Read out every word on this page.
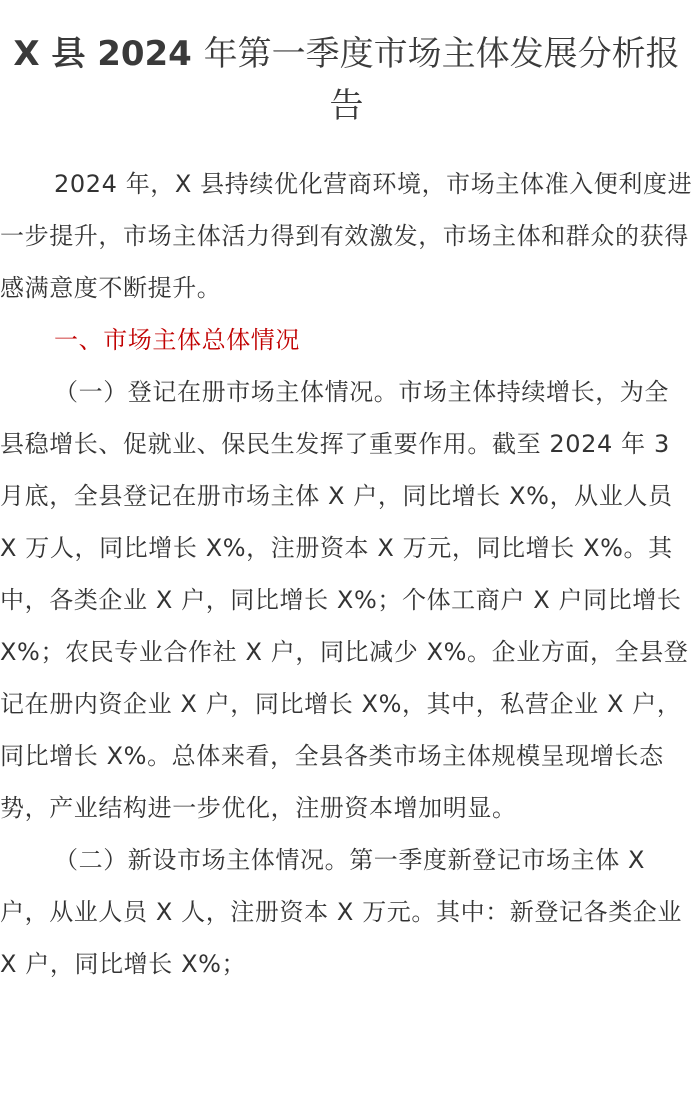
X 县 2024 年第一季度市场主体发展分析报告

2024 年，X 县持续优化营商环境，市场主体准入便利度进一步提升，市场主体活力得到有效激发，市场主体和群众的获得感满意度不断提升。

一、市场主体总体情况

（一）登记在册市场主体情况。市场主体持续增长，为全县稳增长、促就业、保民生发挥了重要作用。截至 2024 年 3 月底，全县登记在册市场主体 X 户，同比增长 X%，从业人员 X 万人，同比增长 X%，注册资本 X 万元，同比增长 X%。其中，各类企业 X 户，同比增长 X%；个体工商户 X 户同比增长 X%；农民专业合作社 X 户，同比减少 X%。企业方面，全县登记在册内资企业 X 户，同比增长 X%，其中，私营企业 X 户，同比增长 X%。总体来看，全县各类市场主体规模呈现增长态势，产业结构进一步优化，注册资本增加明显。

（二）新设市场主体情况。第一季度新登记市场主体 X 户，从业人员 X 人，注册资本 X 万元。其中：新登记各类企业 X 户，同比增长 X%；
